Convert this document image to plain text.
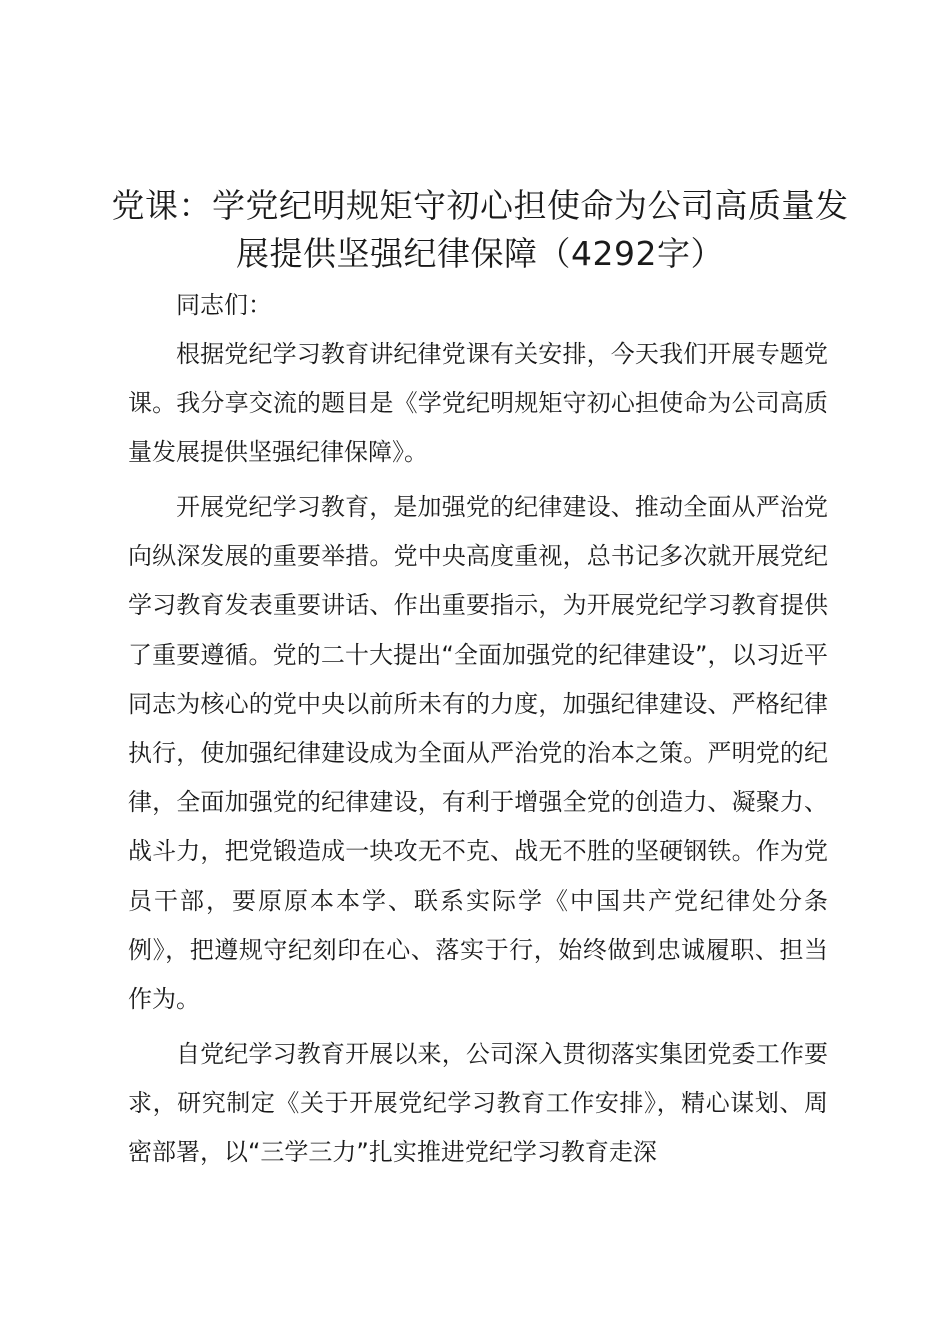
党课：学党纪明规矩守初心担使命为公司高质量发展提供坚强纪律保障（4292字）

同志们：

根据党纪学习教育讲纪律党课有关安排，今天我们开展专题党课。我分享交流的题目是《学党纪明规矩守初心担使命为公司高质量发展提供坚强纪律保障》。

开展党纪学习教育，是加强党的纪律建设、推动全面从严治党向纵深发展的重要举措。党中央高度重视，总书记多次就开展党纪学习教育发表重要讲话、作出重要指示，为开展党纪学习教育提供了重要遵循。党的二十大提出“全面加强党的纪律建设”，以习近平同志为核心的党中央以前所未有的力度，加强纪律建设、严格纪律执行，使加强纪律建设成为全面从严治党的治本之策。严明党的纪律，全面加强党的纪律建设，有利于增强全党的创造力、凝聚力、战斗力，把党锻造成一块攻无不克、战无不胜的坚硬钢铁。作为党员干部，要原原本本学、联系实际学《中国共产党纪律处分条例》，把遵规守纪刻印在心、落实于行，始终做到忠诚履职、担当作为。

自党纪学习教育开展以来，公司深入贯彻落实集团党委工作要求，研究制定《关于开展党纪学习教育工作安排》，精心谋划、周密部署，以“三学三力”扎实推进党纪学习教育走深
